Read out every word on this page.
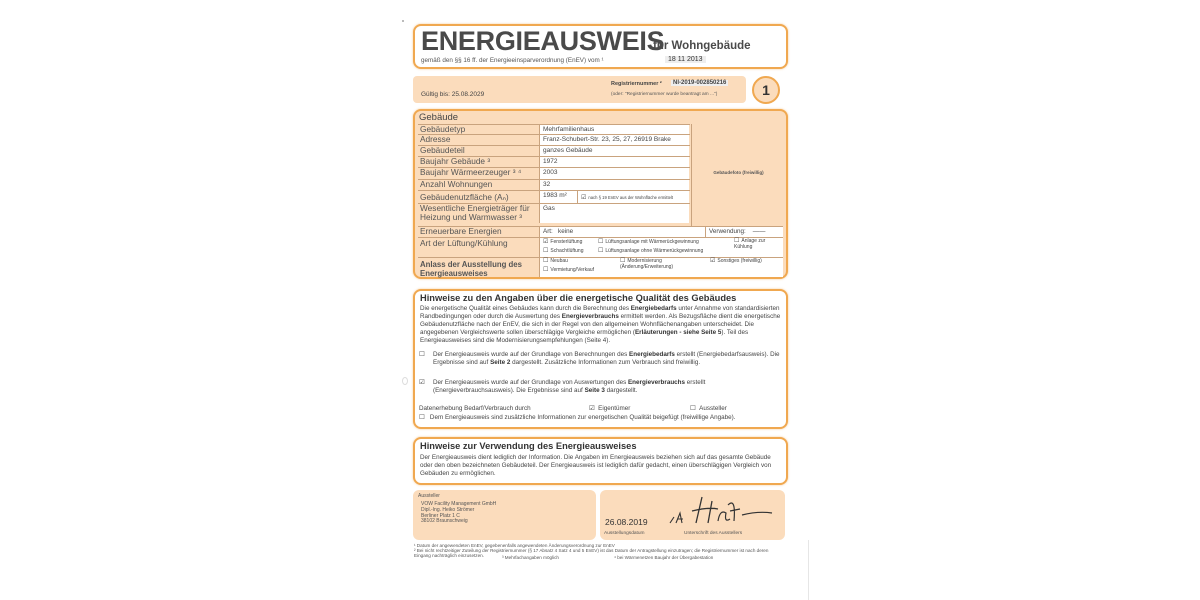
ENERGIEAUSWEIS
für Wohngebäude
gemäß den §§ 16 ff. der Energieeinsparverordnung (EnEV) vom ¹	18 11 2013
Gültig bis: 25.08.2029
Registriernummer ²	NI-2019-002850216
(oder: "Registriernummer wurde beantragt am ...")	1
Gebäude
Gebäudetyp	Mehrfamilienhaus
Adresse	Franz-Schubert-Str. 23, 25, 27, 26919 Brake
Gebäudeteil	ganzes Gebäude
Baujahr Gebäude ³	1972
Baujahr Wärmeerzeuger ³ ⁴	2003
Anzahl Wohnungen	32
Gebäudenutzfläche (Aₙ)	1983 m²	☑ nach § 19 EnEV aus der Wohnfläche ermittelt
Wesentliche Energieträger für Heizung und Warmwasser ³
Gas
Gebäudefoto (freiwillig)
Erneuerbare Energien	Art: keine	Verwendung: ——
Art der Lüftung/Kühlung	☑ Fensterlüftung	☐ Lüftungsanlage mit Wärmerückgewinnung	☐ Anlage zur Kühlung
☐ Schachtlüftung ☐ Lüftungsanlage ohne Wärmerückgewinnung
Anlass der Ausstellung des Energieausweises
☐ Neubau	☐ Modernisierung (Änderung/Erweiterung)
☑ Sonstiges (freiwillig)
☐ Vermietung/Verkauf
Hinweise zu den Angaben über die energetische Qualität des Gebäudes
Die energetische Qualität eines Gebäudes kann durch die Berechnung des Energiebedarfs unter Annahme von standardisierten Randbedingungen oder durch die Auswertung des Energieverbrauchs ermittelt werden. Als Bezugsfläche dient die energetische Gebäudenutzfläche nach der EnEV, die sich in der Regel von den allgemeinen Wohnflächenangaben unterscheidet. Die angegebenen Vergleichswerte sollen überschlägige Vergleiche ermöglichen (Erläuterungen - siehe Seite 5). Teil des Energieausweises sind die Modernisierungsempfehlungen (Seite 4).
☐ Der Energieausweis wurde auf der Grundlage von Berechnungen des Energiebedarfs erstellt (Energiebedarfsausweis). Die Ergebnisse sind auf Seite 2 dargestellt. Zusätzliche Informationen zum Verbrauch sind freiwillig.
☑ Der Energieausweis wurde auf der Grundlage von Auswertungen des Energieverbrauchs erstellt (Energieverbrauchsausweis). Die Ergebnisse sind auf Seite 3 dargestellt.
Datenerhebung Bedarf/Verbrauch durch	☑ Eigentümer	☐ Aussteller
☐ Dem Energieausweis sind zusätzliche Informationen zur energetischen Qualität beigefügt (freiwillige Angabe).
Hinweise zur Verwendung des Energieausweises
Der Energieausweis dient lediglich der Information. Die Angaben im Energieausweis beziehen sich auf das gesamte Gebäude oder den oben bezeichneten Gebäudeteil. Der Energieausweis ist lediglich dafür gedacht, einen überschlägigen Vergleich von Gebäuden zu ermöglichen.
Aussteller
VOW Facility Management GmbH
Dipl.-Ing. Heiko Strömer
Berliner Platz 1 C
38102 Braunschweig	26.08.2019
Ausstellungsdatum	Unterschrift des Ausstellers
¹ Datum der angewendeten EnEV, gegebenenfalls angewendeten Änderungsverordnung zur EnEV
² Bei nicht rechtzeitiger Zuteilung der Registriernummer (§ 17 Absatz 4 Satz 4 und 5 EnEV) ist das Datum der Antragstellung einzutragen; die Registriernummer ist nach deren Eingang nachträglich einzusetzen.	³ Mehrfachangaben möglich	⁴ bei Wärmenetzen Baujahr der Übergabestation
